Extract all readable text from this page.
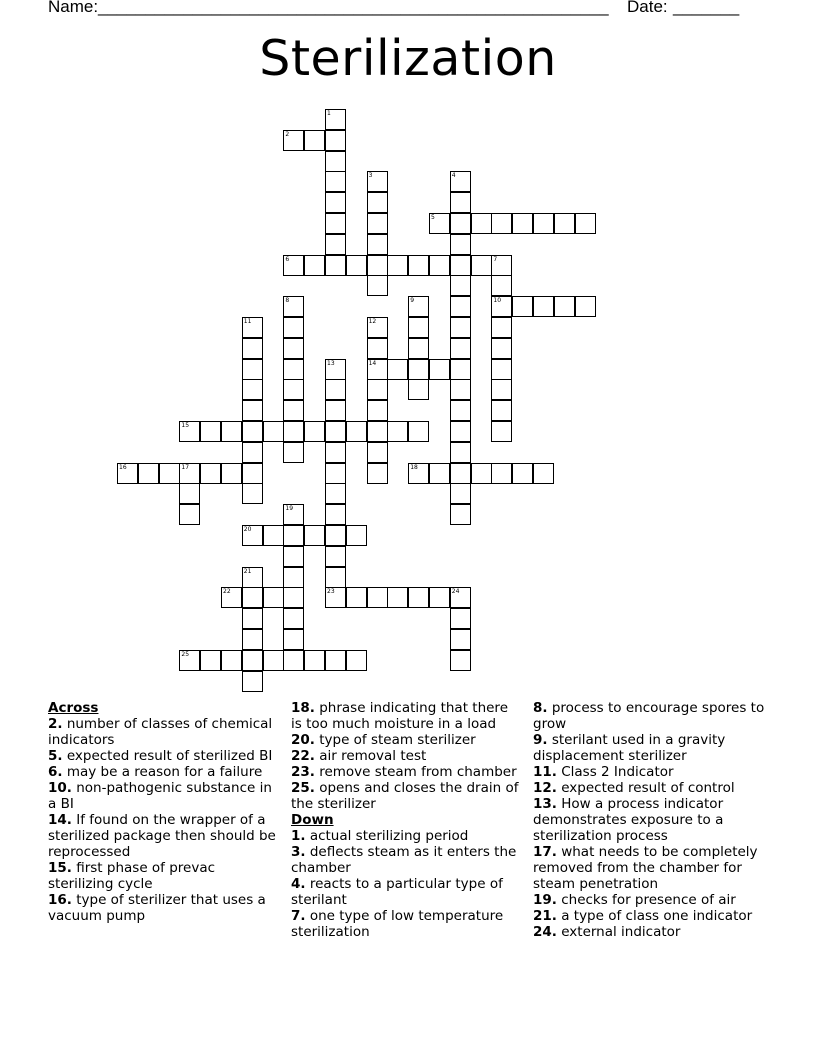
Name: ______________________________________________________ Date: _______
Sterilization
1
2
3	4
5
6	7
10
8	9
11	12
14
13
15
16	17	18
19
20
21
22	23	24
25
Across
2. number of classes of chemical indicators
5. expected result of sterilized BI
6. may be a reason for a failure
10. non-pathogenic substance in a BI
14. If found on the wrapper of a sterilized package then should be reprocessed
15. first phase of prevac sterilizing cycle
16. type of sterilizer that uses a vacuum pump
18. phrase indicating that there is too much moisture in a load
20. type of steam sterilizer
22. air removal test
23. remove steam from chamber
25. opens and closes the drain of the sterilizer
Down
1. actual sterilizing period
3. deflects steam as it enters the chamber
4. reacts to a particular type of sterilant
7. one type of low temperature sterilization
8. process to encourage spores to grow
9. sterilant used in a gravity displacement sterilizer
11. Class 2 Indicator
12. expected result of control
13. How a process indicator demonstrates exposure to a sterilization process
17. what needs to be completely removed from the chamber for steam penetration
19. checks for presence of air
21. a type of class one indicator
24. external indicator
